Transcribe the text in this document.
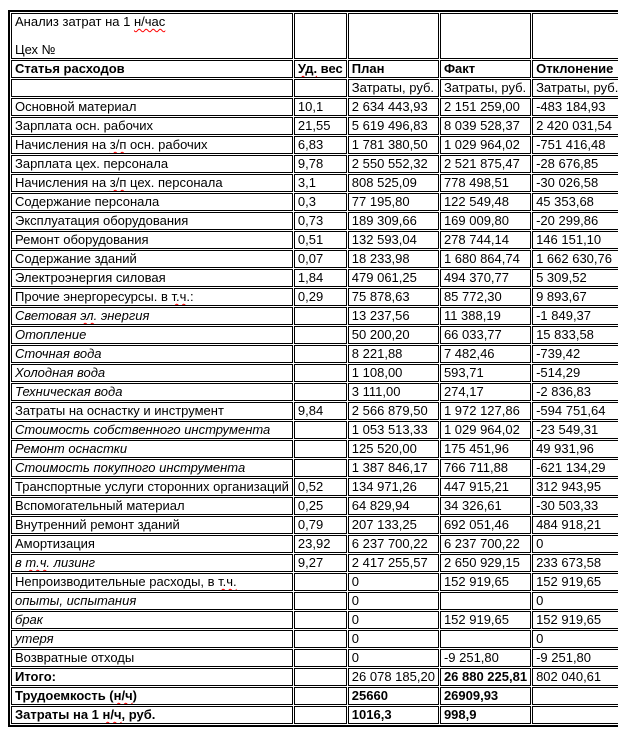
Анализ затрат на 1 н/час
Цех №				

Статья расходов	Уд. вес	План	Факт	Отклонение
		Затраты, руб.	Затраты, руб.	Затраты, руб.
Основной материал	10,1	2 634 443,93	2 151 259,00	-483 184,93
Зарплата осн. рабочих	21,55	5 619 496,83	8 039 528,37	2 420 031,54
Начисления на з/п осн. рабочих	6,83	1 781 380,50	1 029 964,02	-751 416,48
Зарплата цех. персонала	9,78	2 550 552,32	2 521 875,47	-28 676,85
Начисления на з/п цех. персонала	3,1	808 525,09	778 498,51	-30 026,58
Содержание персонала	0,3	77 195,80	122 549,48	45 353,68
Эксплуатация оборудования	0,73	189 309,66	169 009,80	-20 299,86
Ремонт оборудования	0,51	132 593,04	278 744,14	146 151,10
Содержание зданий	0,07	18 233,98	1 680 864,74	1 662 630,76
Электроэнергия силовая	1,84	479 061,25	494 370,77	5 309,52
Прочие энергоресурсы. в т.ч.:	0,29	75 878,63	85 772,30	9 893,67
Световая эл. энергия		13 237,56	11 388,19	-1 849,37
Отопление		50 200,20	66 033,77	15 833,58
Сточная вода		8 221,88	7 482,46	-739,42
Холодная вода		1 108,00	593,71	-514,29
Техническая вода		3 111,00	274,17	-2 836,83
Затраты на оснастку и инструмент	9,84	2 566 879,50	1 972 127,86	-594 751,64
Стоимость собственного инструмента		1 053 513,33	1 029 964,02	-23 549,31
Ремонт оснастки		125 520,00	175 451,96	49 931,96
Стоимость покупного инструмента		1 387 846,17	766 711,88	-621 134,29
Транспортные услуги сторонних организаций	0,52	134 971,26	447 915,21	312 943,95
Вспомогательный материал	0,25	64 829,94	34 326,61	-30 503,33
Внутренний ремонт зданий	0,79	207 133,25	692 051,46	484 918,21
Амортизация	23,92	6 237 700,22	6 237 700,22	0
в т.ч. лизинг	9,27	2 417 255,57	2 650 929,15	233 673,58
Непроизводительные расходы, в т.ч.		0	152 919,65	152 919,65
опыты, испытания		0		0
брак		0	152 919,65	152 919,65
утеря		0		0
Возвратные отходы		0	-9 251,80	-9 251,80
Итого:		26 078 185,20	26 880 225,81	802 040,61
Трудоемкость (н/ч)		25660	26909,93	
Затраты на 1 н/ч, руб.		1016,3	998,9	
